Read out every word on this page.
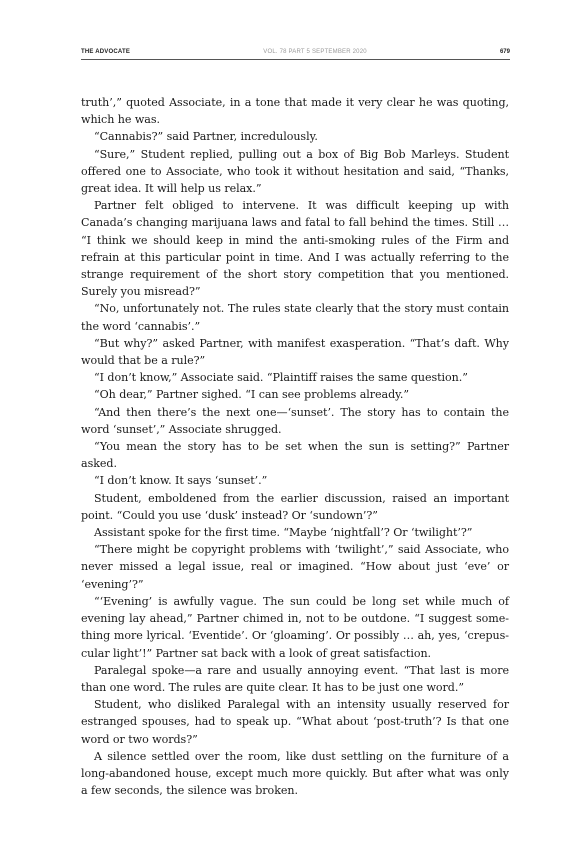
THE ADVOCATE	VOL. 78 PART 5 SEPTEMBER 2020	679

truth’,” quoted Associate, in a tone that made it very clear he was quoting, which he was.

“Cannabis?” said Partner, incredulously.

“Sure,” Student replied, pulling out a box of Big Bob Marleys. Student offered one to Associate, who took it without hesitation and said, “Thanks, great idea. It will help us relax.”

Partner felt obliged to intervene. It was difficult keeping up with Canada’s changing marijuana laws and fatal to fall behind the times. Still … “I think we should keep in mind the anti-smoking rules of the Firm and refrain at this particular point in time. And I was actually referring to the strange requirement of the short story competition that you mentioned. Surely you misread?”

“No, unfortunately not. The rules state clearly that the story must contain the word ‘cannabis’.”

“But why?” asked Partner, with manifest exasperation. “That’s daft. Why would that be a rule?”

“I don’t know,” Associate said. “Plaintiff raises the same question.”

“Oh dear,” Partner sighed. “I can see problems already.”

“And then there’s the next one—‘sunset’. The story has to contain the word ‘sunset’,” Associate shrugged.

“You mean the story has to be set when the sun is setting?” Partner asked.

“I don’t know. It says ‘sunset’.”

Student, emboldened from the earlier discussion, raised an important point. “Could you use ‘dusk’ instead? Or ‘sundown’?”

Assistant spoke for the first time. “Maybe ‘nightfall’? Or ‘twilight’?”

“There might be copyright problems with ‘twilight’,” said Associate, who never missed a legal issue, real or imagined. “How about just ‘eve’ or ‘evening’?”

“‘Evening’ is awfully vague. The sun could be long set while much of evening lay ahead,” Partner chimed in, not to be outdone. “I suggest something more lyrical. ‘Eventide’. Or ‘gloaming’. Or possibly … ah, yes, ‘crepuscular light’!” Partner sat back with a look of great satisfaction.

Paralegal spoke—a rare and usually annoying event. “That last is more than one word. The rules are quite clear. It has to be just one word.”

Student, who disliked Paralegal with an intensity usually reserved for estranged spouses, had to speak up. “What about ‘post-truth’? Is that one word or two words?”

A silence settled over the room, like dust settling on the furniture of a long-abandoned house, except much more quickly. But after what was only a few seconds, the silence was broken.
